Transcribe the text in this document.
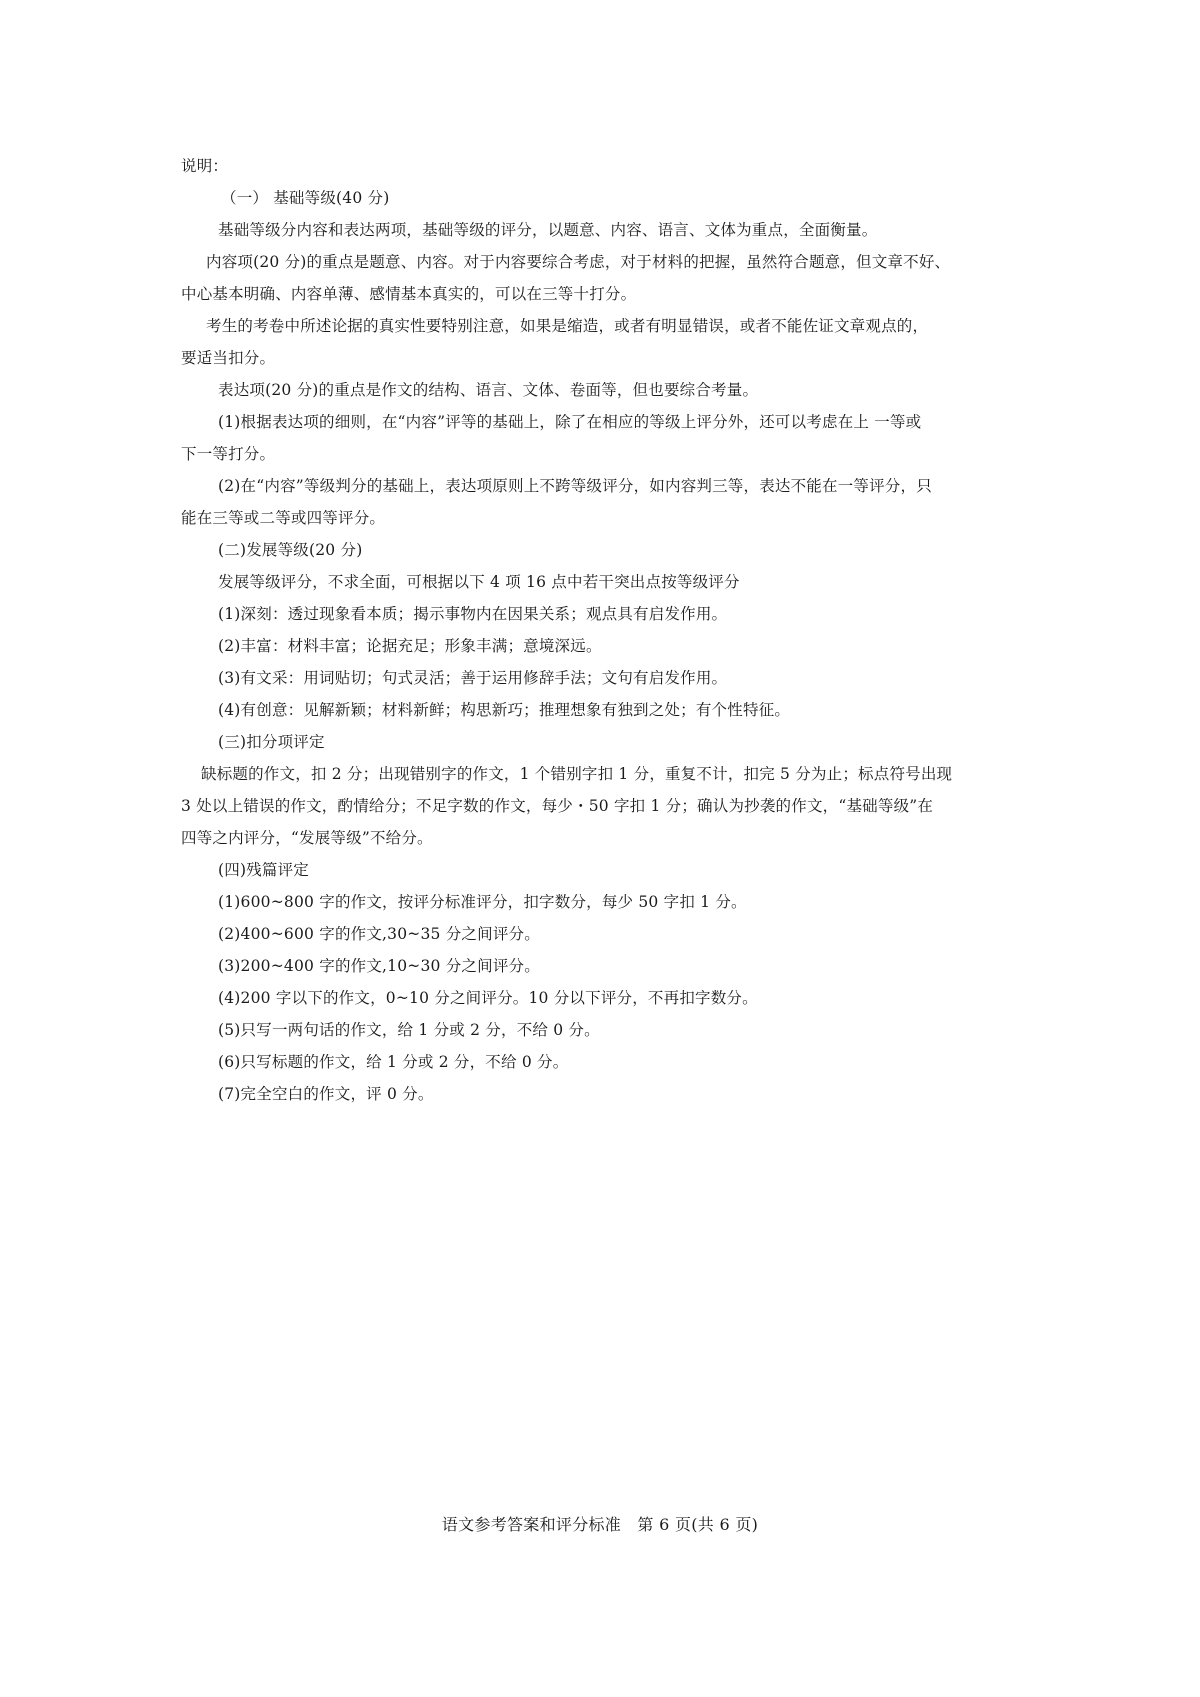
说明：
（一） 基础等级(40 分)
基础等级分内容和表达两项，基础等级的评分，以题意、内容、语言、文体为重点，全面衡量。
内容项(20 分)的重点是题意、内容。对于内容要综合考虑，对于材料的把握，虽然符合题意，但文章不好、
中心基本明确、内容单薄、感情基本真实的，可以在三等十打分。
考生的考卷中所述论据的真实性要特别注意，如果是缩造，或者有明显错误，或者不能佐证文章观点的，
要适当扣分。
表达项(20 分)的重点是作文的结构、语言、文体、卷面等，但也要综合考量。
(1)根据表达项的细则，在“内容”评等的基础上，除了在相应的等级上评分外，还可以考虑在上 一等或
下一等打分。
(2)在“内容”等级判分的基础上，表达项原则上不跨等级评分，如内容判三等，表达不能在一等评分，只
能在三等或二等或四等评分。
(二)发展等级(20 分)
发展等级评分，不求全面，可根据以下 4 项 16 点中若干突出点按等级评分
(1)深刻：透过现象看本质；揭示事物内在因果关系；观点具有启发作用。
(2)丰富：材料丰富；论据充足；形象丰满；意境深远。
(3)有文采：用词贴切；句式灵活；善于运用修辞手法；文句有启发作用。
(4)有创意：见解新颖；材料新鲜；构思新巧；推理想象有独到之处；有个性特征。
(三)扣分项评定
缺标题的作文，扣 2 分；出现错别字的作文，1 个错别字扣 1 分，重复不计，扣完 5 分为止；标点符号出现
3 处以上错误的作文，酌情给分；不足字数的作文，每少・50 字扣 1 分；确认为抄袭的作文，“基础等级”在
四等之内评分，“发展等级”不给分。
(四)残篇评定
(1)600~800 字的作文，按评分标准评分，扣字数分，每少 50 字扣 1 分。
(2)400~600 字的作文,30~35 分之间评分。
(3)200~400 字的作文,10~30 分之间评分。
(4)200 字以下的作文，0~10 分之间评分。10 分以下评分，不再扣字数分。
(5)只写一两句话的作文，给 1 分或 2 分，不给 0 分。
(6)只写标题的作文，给 1 分或 2 分，不给 0 分。
(7)完全空白的作文，评 0 分。
语文参考答案和评分标准　第 6 页(共 6 页)
